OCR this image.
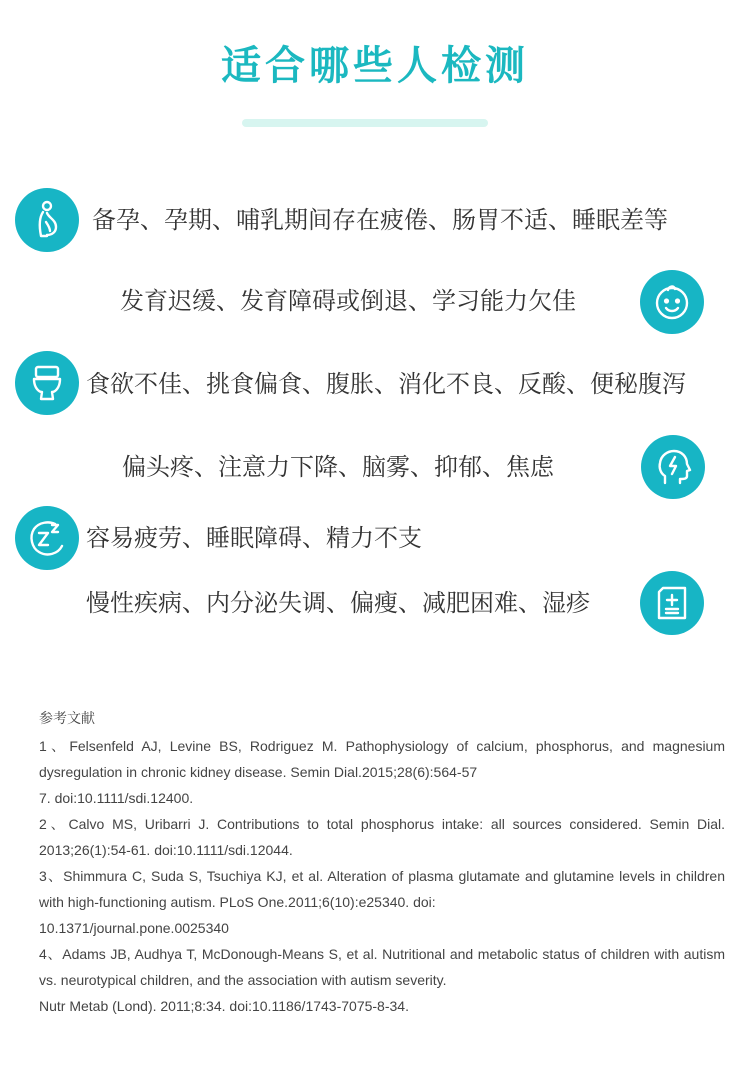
适合哪些人检测
备孕、孕期、哺乳期间存在疲倦、肠胃不适、睡眠差等
发育迟缓、发育障碍或倒退、学习能力欠佳
食欲不佳、挑食偏食、腹胀、消化不良、反酸、便秘腹泻
偏头疼、注意力下降、脑雾、抑郁、焦虑
容易疲劳、睡眠障碍、精力不支
慢性疾病、内分泌失调、偏瘦、减肥困难、湿疹
参考文献

1、Felsenfeld AJ, Levine BS, Rodriguez M. Pathophysiology of calcium, phosphorus, and magnesium dysregulation in chronic kidney disease. Semin Dial.2015;28(6):564-57

7. doi:10.1111/sdi.12400.

2、Calvo MS, Uribarri J. Contributions to total phosphorus intake: all sources considered. Semin Dial. 2013;26(1):54-61. doi:10.1111/sdi.12044.

3、Shimmura C, Suda S, Tsuchiya KJ, et al. Alteration of plasma glutamate and glutamine levels in children with high-functioning autism. PLoS One.2011;6(10):e25340. doi:

10.1371/journal.pone.0025340

4、Adams JB, Audhya T, McDonough-Means S, et al. Nutritional and metabolic status of children with autism vs. neurotypical children, and the association with autism severity.

Nutr Metab (Lond). 2011;8:34. doi:10.1186/1743-7075-8-34.
